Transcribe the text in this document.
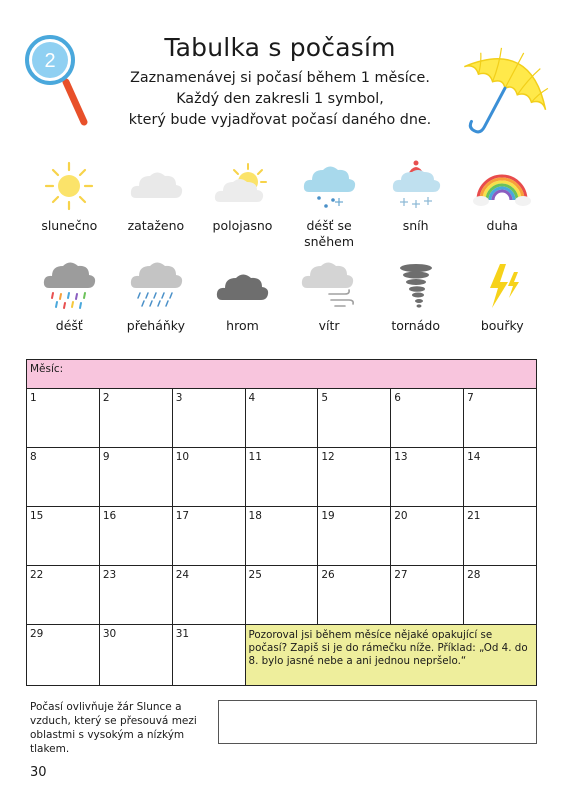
2	Tabulka s počasím
Zaznamenávej si počasí během 1 měsíce.
Každý den zakresli 1 symbol,
který bude vyjadřovat počasí daného dne.
slunečno	zataženo	polojasno	déšť se sněhem
sníh	duha
déšť	přeháňky	hrom	vítr	tornádo	bouřky
Měsíc:						
1	2	3	4	5	6	7
8	9	10	11	12	13	14
15	16	17	18	19	20	21
22	23	24	25	26	27	28
29	30	31	Pozoroval jsi během měsíce nějaké opakující se počasí? Zapiš si je do rámečku níže. Příklad: „Od 4. do 8. bylo jasné nebe a ani jednou nepršelo.“			
Počasí ovlivňuje žár Slunce a vzduch, který se přesouvá mezi oblastmi s vysokým a nízkým tlakem.
30
